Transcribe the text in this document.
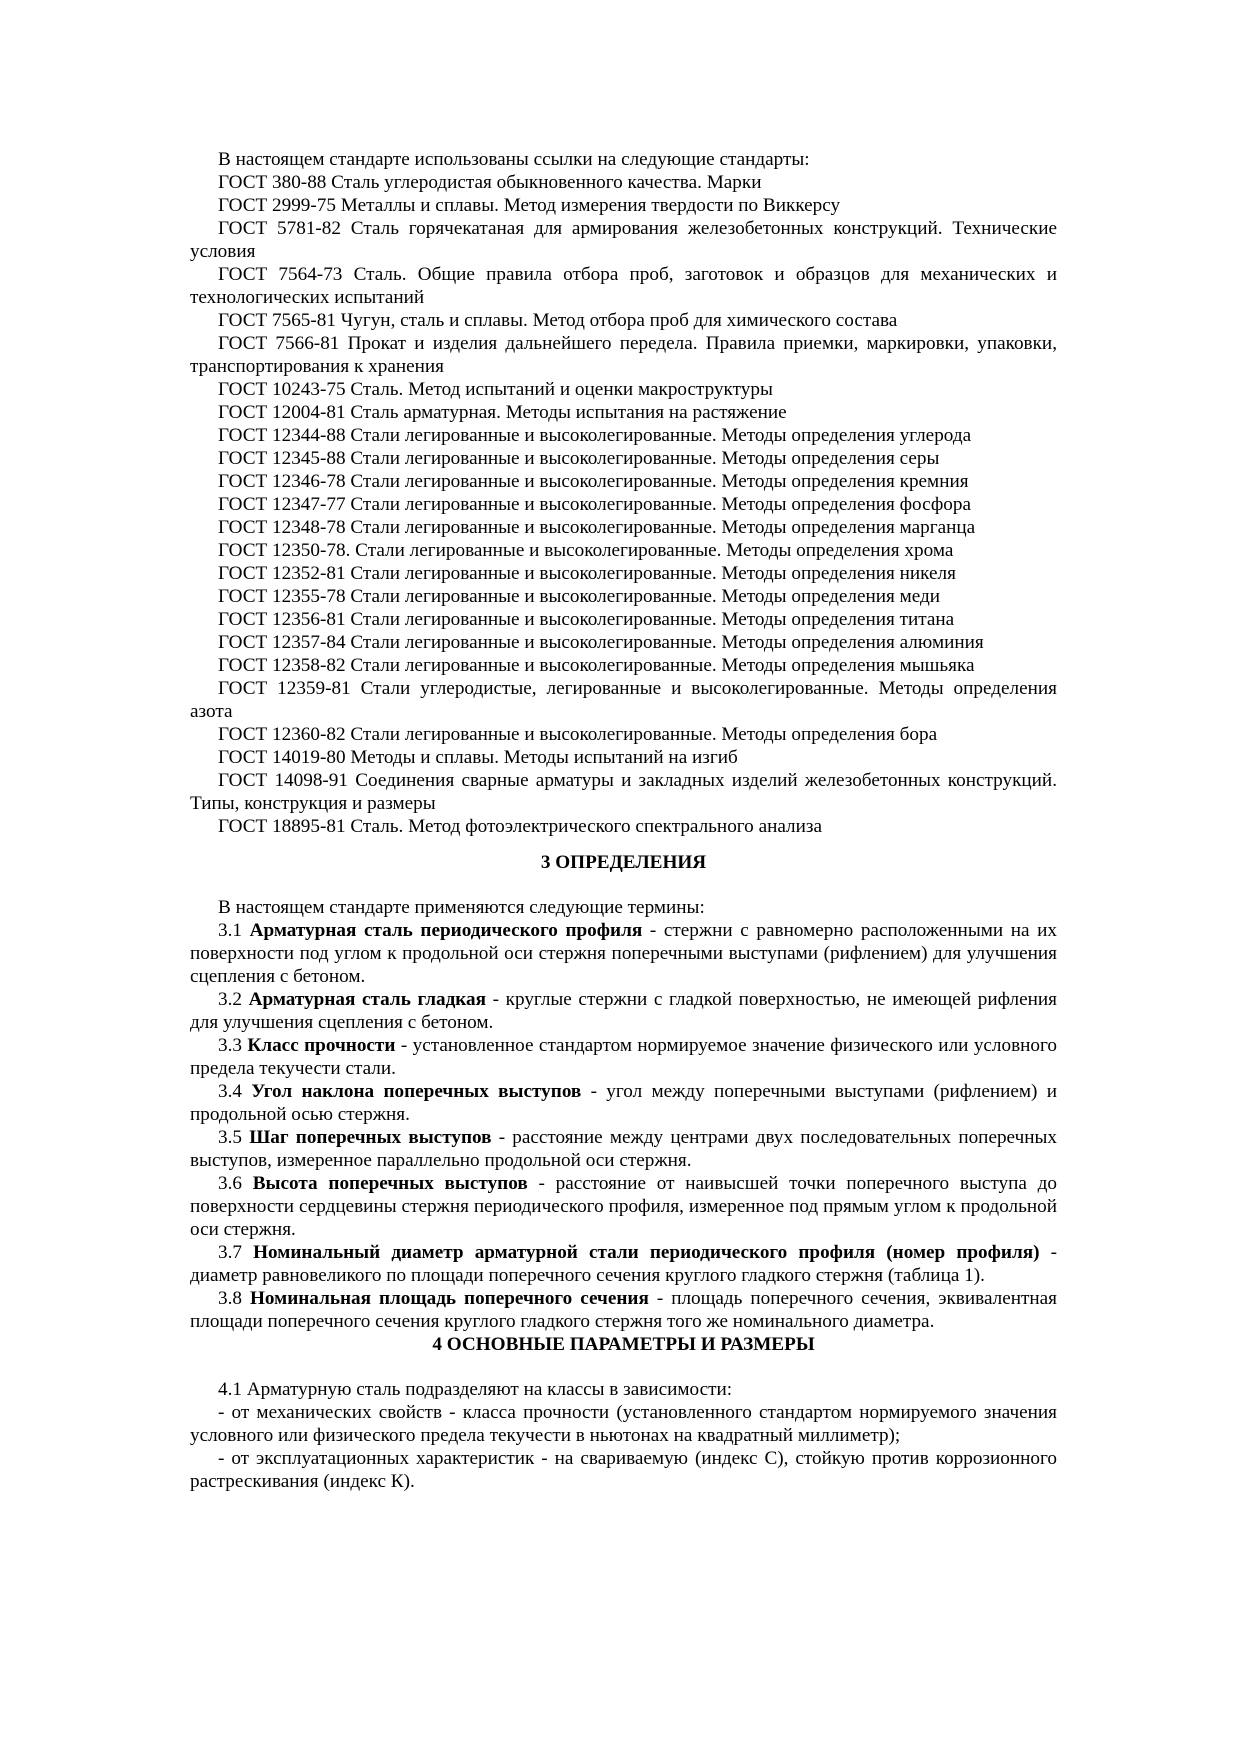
В настоящем стандарте использованы ссылки на следующие стандарты:

ГОСТ 380-88 Сталь углеродистая обыкновенного качества. Марки

ГОСТ 2999-75 Металлы и сплавы. Метод измерения твердости по Виккерсу

ГОСТ 5781-82 Сталь горячекатаная для армирования железобетонных конструкций. Технические условия

ГОСТ 7564-73 Сталь. Общие правила отбора проб, заготовок и образцов для механических и технологических испытаний

ГОСТ 7565-81 Чугун, сталь и сплавы. Метод отбора проб для химического состава

ГОСТ 7566-81 Прокат и изделия дальнейшего передела. Правила приемки, маркировки, упаковки, транспортирования к хранения

ГОСТ 10243-75 Сталь. Метод испытаний и оценки макроструктуры

ГОСТ 12004-81 Сталь арматурная. Методы испытания на растяжение

ГОСТ 12344-88 Стали легированные и высоколегированные. Методы определения углерода

ГОСТ 12345-88 Стали легированные и высоколегированные. Методы определения серы

ГОСТ 12346-78 Стали легированные и высоколегированные. Методы определения кремния

ГОСТ 12347-77 Стали легированные и высоколегированные. Методы определения фосфора

ГОСТ 12348-78 Стали легированные и высоколегированные. Методы определения марганца

ГОСТ 12350-78. Стали легированные и высоколегированные. Методы определения хрома

ГОСТ 12352-81 Стали легированные и высоколегированные. Методы определения никеля

ГОСТ 12355-78 Стали легированные и высоколегированные. Методы определения меди

ГОСТ 12356-81 Стали легированные и высоколегированные. Методы определения титана

ГОСТ 12357-84 Стали легированные и высоколегированные. Методы определения алюминия

ГОСТ 12358-82 Стали легированные и высоколегированные. Методы определения мышьяка

ГОСТ 12359-81 Стали углеродистые, легированные и высоколегированные. Методы определения азота

ГОСТ 12360-82 Стали легированные и высоколегированные. Методы определения бора

ГОСТ 14019-80 Методы и сплавы. Методы испытаний на изгиб

ГОСТ 14098-91 Соединения сварные арматуры и закладных изделий железобетонных конструкций. Типы, конструкция и размеры

ГОСТ 18895-81 Сталь. Метод фотоэлектрического спектрального анализа

3 ОПРЕДЕЛЕНИЯ

В настоящем стандарте применяются следующие термины:

3.1 Арматурная сталь периодического профиля - стержни с равномерно расположенными на их поверхности под углом к продольной оси стержня поперечными выступами (рифлением) для улучшения сцепления с бетоном.

3.2 Арматурная сталь гладкая - круглые стержни с гладкой поверхностью, не имеющей рифления для улучшения сцепления с бетоном.

3.3 Класс прочности - установленное стандартом нормируемое значение физического или условного предела текучести стали.

3.4 Угол наклона поперечных выступов - угол между поперечными выступами (рифлением) и продольной осью стержня.

3.5 Шаг поперечных выступов - расстояние между центрами двух последовательных поперечных выступов, измеренное параллельно продольной оси стержня.

3.6 Высота поперечных выступов - расстояние от наивысшей точки поперечного выступа до поверхности сердцевины стержня периодического профиля, измеренное под прямым углом к продольной оси стержня.

3.7 Номинальный диаметр арматурной стали периодического профиля (номер профиля) - диаметр равновеликого по площади поперечного сечения круглого гладкого стержня (таблица 1).

3.8 Номинальная площадь поперечного сечения - площадь поперечного сечения, эквивалентная площади поперечного сечения круглого гладкого стержня того же номинального диаметра.

4 ОСНОВНЫЕ ПАРАМЕТРЫ И РАЗМЕРЫ

4.1 Арматурную сталь подразделяют на классы в зависимости:

- от механических свойств - класса прочности (установленного стандартом нормируемого значения условного или физического предела текучести в ньютонах на квадратный миллиметр);

- от эксплуатационных характеристик - на свариваемую (индекс С), стойкую против коррозионного растрескивания (индекс К).
